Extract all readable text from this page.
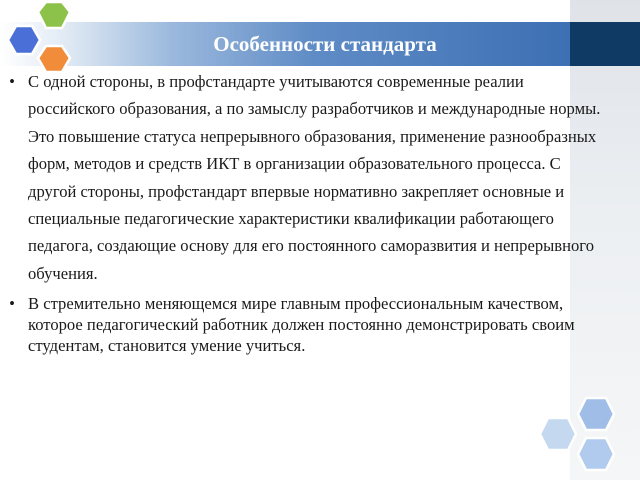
Особенности стандарта
• С одной стороны, в профстандарте учитываются современные реалии российского образования, а по замыслу разработчиков и международные нормы. Это повышение статуса непрерывного образования, применение разнообразных форм, методов и средств ИКТ в организации образовательного процесса. С другой стороны, профстандарт впервые нормативно закрепляет основные и специальные педагогические характеристики квалификации работающего педагога, создающие основу для его постоянного саморазвития и непрерывного обучения.
• В стремительно меняющемся мире главным профессиональным качеством, которое педагогический работник должен постоянно демонстрировать своим студентам, становится умение учиться.
